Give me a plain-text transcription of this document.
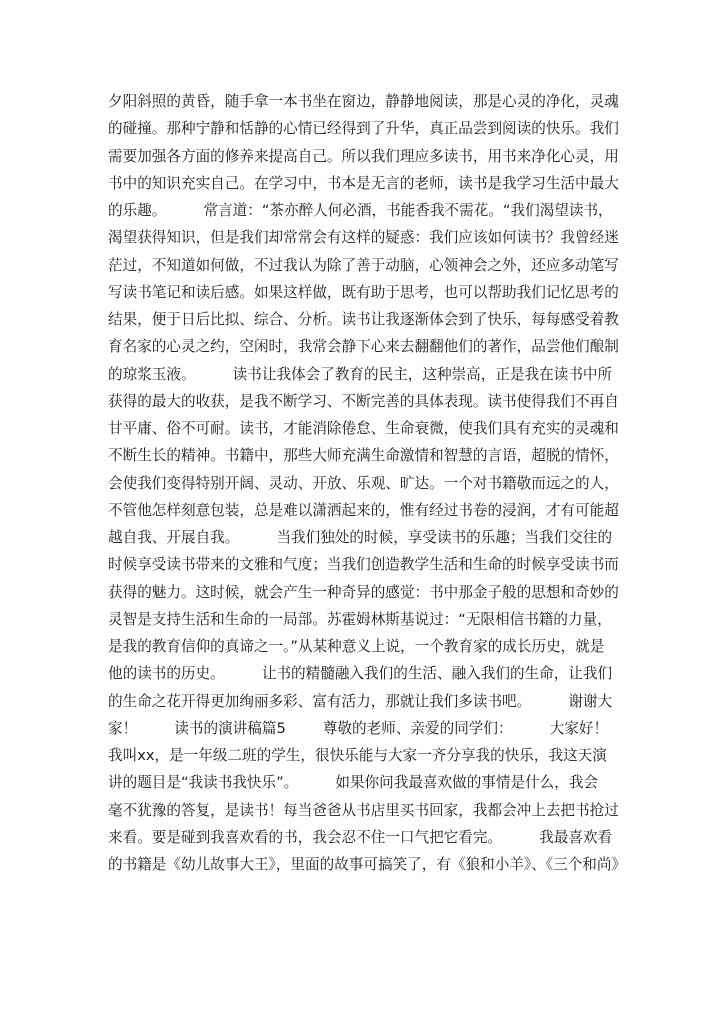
夕阳斜照的黄昏，随手拿一本书坐在窗边，静静地阅读，那是心灵的净化，灵魂
的碰撞。那种宁静和恬静的心情已经得到了升华，真正品尝到阅读的快乐。我们
需要加强各方面的修养来提高自己。所以我们理应多读书，用书来净化心灵，用
书中的知识充实自己。在学习中，书本是无言的老师，读书是我学习生活中最大
的乐趣。        常言道：“茶亦醉人何必酒，书能香我不需花。“我们渴望读书，
渴望获得知识，但是我们却常常会有这样的疑惑：我们应该如何读书？我曾经迷
茫过，不知道如何做，不过我认为除了善于动脑，心领神会之外，还应多动笔写
写读书笔记和读后感。如果这样做，既有助于思考，也可以帮助我们记忆思考的
结果，便于日后比拟、综合、分析。读书让我逐渐体会到了快乐，每每感受着教
育名家的心灵之约，空闲时，我常会静下心来去翻翻他们的著作，品尝他们酿制
的琼浆玉液。        读书让我体会了教育的民主，这种崇高，正是我在读书中所
获得的最大的收获，是我不断学习、不断完善的具体表现。读书使得我们不再自
甘平庸、俗不可耐。读书，才能消除倦怠、生命衰微，使我们具有充实的灵魂和
不断生长的精神。书籍中，那些大师充满生命激情和智慧的言语，超脱的情怀，
会使我们变得特别开阔、灵动、开放、乐观、旷达。一个对书籍敬而远之的人，
不管他怎样刻意包装，总是难以潇洒起来的，惟有经过书卷的浸润，才有可能超
越自我、开展自我。        当我们独处的时候，享受读书的乐趣；当我们交往的
时候享受读书带来的文雅和气度；当我们创造教学生活和生命的时候享受读书而
获得的魅力。这时候，就会产生一种奇异的感觉：书中那金子般的思想和奇妙的
灵智是支持生活和生命的一局部。苏霍姆林斯基说过：“无限相信书籍的力量，
是我的教育信仰的真谛之一。”从某种意义上说，一个教育家的成长历史，就是
他的读书的历史。        让书的精髓融入我们的生活、融入我们的生命，让我们
的生命之花开得更加绚丽多彩、富有活力，那就让我们多读书吧。        谢谢大
家！        读书的演讲稿篇5        尊敬的老师、亲爱的同学们：        大家好！
我叫xx，是一年级二班的学生，很快乐能与大家一齐分享我的快乐，我这天演
讲的题目是“我读书我快乐”。        如果你问我最喜欢做的事情是什么，我会
毫不犹豫的答复，是读书！每当爸爸从书店里买书回家，我都会冲上去把书抢过
来看。要是碰到我喜欢看的书，我会忍不住一口气把它看完。        我最喜欢看
的书籍是《幼儿故事大王》，里面的故事可搞笑了，有《狼和小羊》、《三个和尚》
